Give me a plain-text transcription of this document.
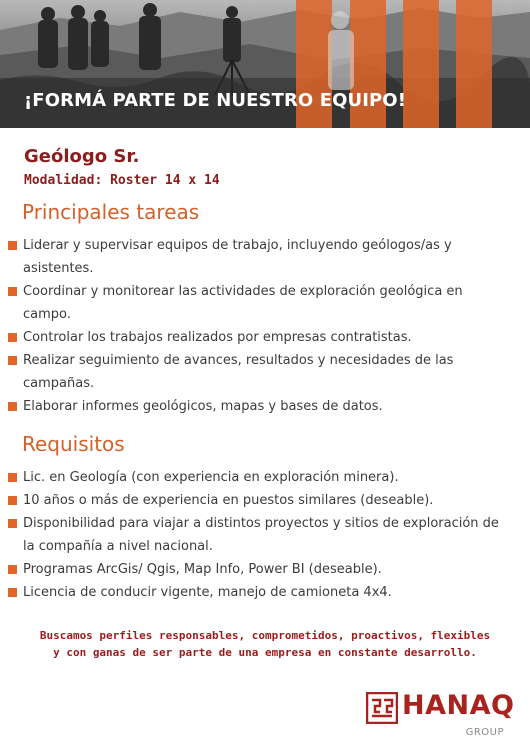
¡FORMÁ PARTE DE NUESTRO EQUIPO!
Geólogo Sr.
Modalidad: Roster 14 x 14
Principales tareas
Liderar y supervisar equipos de trabajo, incluyendo geólogos/as y asistentes.
Coordinar y monitorear las actividades de exploración geológica en campo.
Controlar los trabajos realizados por empresas contratistas.
Realizar seguimiento de avances, resultados y necesidades de las campañas.
Elaborar informes geológicos, mapas y bases de datos.
Requisitos
Lic. en Geología (con experiencia en exploración minera).
10 años o más de experiencia en puestos similares (deseable).
Disponibilidad para viajar a distintos proyectos y sitios de exploración de la compañía a nivel nacional.
Programas ArcGis/ Qgis, Map Info, Power BI (deseable).
Licencia de conducir vigente, manejo de camioneta 4x4.
Buscamos perfiles responsables, comprometidos, proactivos, flexibles
y con ganas de ser parte de una empresa en constante desarrollo.
HANAQ
GROUP
